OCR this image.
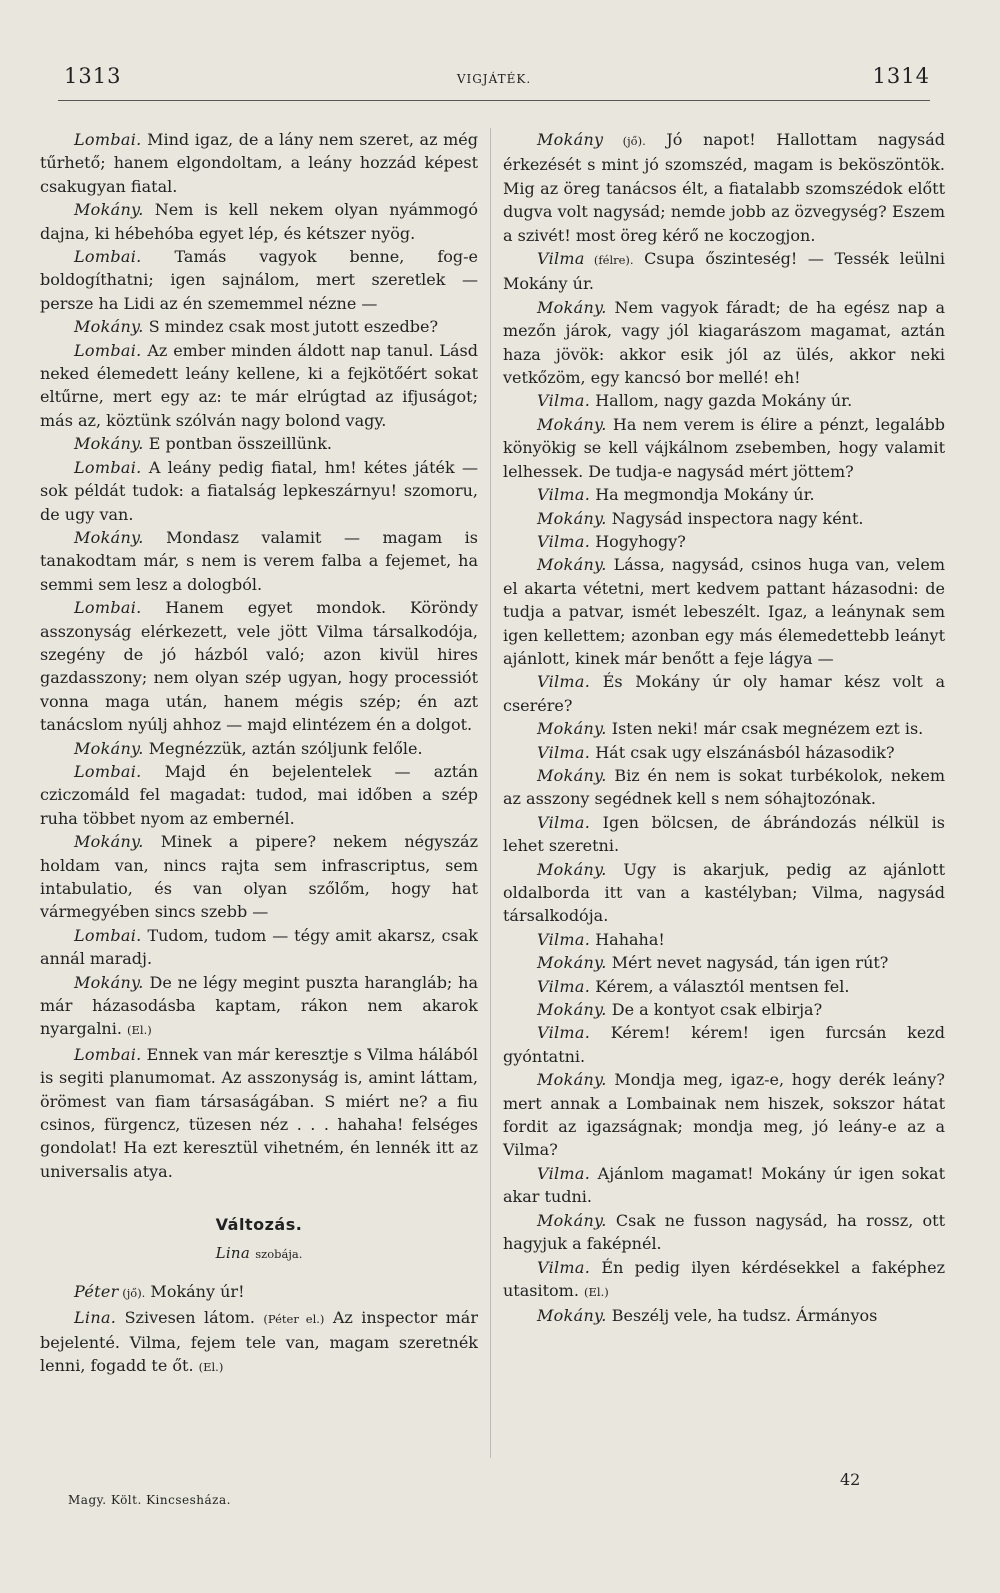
1313	VIGJÁTÉK.	1314

Lombai. Mind igaz, de a lány nem szeret, az még tűrhető; hanem elgondoltam, a leány hozzád képest csakugyan fiatal.

Mokány. Nem is kell nekem olyan nyámmogó dajna, ki hébehóba egyet lép, és kétszer nyög.

Lombai. Tamás vagyok benne, fog-e boldogíthatni; igen sajnálom, mert szeretlek — persze ha Lidi az én szememmel nézne —

Mokány. S mindez csak most jutott eszedbe?

Lombai. Az ember minden áldott nap tanul. Lásd neked élemedett leány kellene, ki a fejkötőért sokat eltűrne, mert egy az: te már elrúgtad az ifjuságot; más az, köztünk szólván nagy bolond vagy.

Mokány. E pontban összeillünk.

Lombai. A leány pedig fiatal, hm! kétes játék — sok példát tudok: a fiatalság lepkeszárnyu! szomoru, de ugy van.

Mokány. Mondasz valamit — magam is tanakodtam már, s nem is verem falba a fejemet, ha semmi sem lesz a dologból.

Lombai. Hanem egyet mondok. Köröndy asszonyság elérkezett, vele jött Vilma társalkodója, szegény de jó házból való; azon kivül hires gazdasszony; nem olyan szép ugyan, hogy processiót vonna maga után, hanem mégis szép; én azt tanácslom nyúlj ahhoz — majd elintézem én a dolgot.

Mokány. Megnézzük, aztán szóljunk felőle.

Lombai. Majd én bejelentelek — aztán cziczomáld fel magadat: tudod, mai időben a szép ruha többet nyom az embernél.

Mokány. Minek a pipere? nekem négyszáz holdam van, nincs rajta sem infrascriptus, sem intabulatio, és van olyan szőlőm, hogy hat vármegyében sincs szebb —

Lombai. Tudom, tudom — tégy amit akarsz, csak annál maradj.

Mokány. De ne légy megint puszta harangláb; ha már házasodásba kaptam, rákon nem akarok nyargalni. (El.)

Lombai. Ennek van már keresztje s Vilma hálából is segiti planumomat. Az asszonyság is, amint láttam, örömest van fiam társaságában. S miért ne? a fiu csinos, fürgencz, tüzesen néz . . . hahaha! felséges gondolat! Ha ezt keresztül vihetném, én lennék itt az universalis atya.

Változás.
Lina szobája.

Péter (jő). Mokány úr!

Lina. Szivesen látom. (Péter el.) Az inspector már bejelenté. Vilma, fejem tele van, magam szeretnék lenni, fogadd te őt. (El.)

Mokány (jő). Jó napot! Hallottam nagysád érkezését s mint jó szomszéd, magam is beköszöntök. Mig az öreg tanácsos élt, a fiatalabb szomszédok előtt dugva volt nagysád; nemde jobb az özvegység? Eszem a szivét! most öreg kérő ne koczogjon.

Vilma (félre). Csupa őszinteség! — Tessék leülni Mokány úr.

Mokány. Nem vagyok fáradt; de ha egész nap a mezőn járok, vagy jól kiagarászom magamat, aztán haza jövök: akkor esik jól az ülés, akkor neki vetkőzöm, egy kancsó bor mellé! eh!

Vilma. Hallom, nagy gazda Mokány úr.

Mokány. Ha nem verem is élire a pénzt, legalább könyökig se kell vájkálnom zsebemben, hogy valamit lelhessek. De tudja-e nagysád mért jöttem?

Vilma. Ha megmondja Mokány úr.

Mokány. Nagysád inspectora nagy ként.

Vilma. Hogyhogy?

Mokány. Lássa, nagysád, csinos huga van, velem el akarta vétetni, mert kedvem pattant házasodni: de tudja a patvar, ismét lebeszélt. Igaz, a leánynak sem igen kellettem; azonban egy más élemedettebb leányt ajánlott, kinek már benőtt a feje lágya —

Vilma. És Mokány úr oly hamar kész volt a cserére?

Mokány. Isten neki! már csak megnézem ezt is.

Vilma. Hát csak ugy elszánásból házasodik?

Mokány. Biz én nem is sokat turbékolok, nekem az asszony segédnek kell s nem sóhajtozónak.

Vilma. Igen bölcsen, de ábrándozás nélkül is lehet szeretni.

Mokány. Ugy is akarjuk, pedig az ajánlott oldalborda itt van a kastélyban; Vilma, nagysád társalkodója.

Vilma. Hahaha!

Mokány. Mért nevet nagysád, tán igen rút?

Vilma. Kérem, a választól mentsen fel.

Mokány. De a kontyot csak elbirja?

Vilma. Kérem! kérem! igen furcsán kezd gyóntatni.

Mokány. Mondja meg, igaz-e, hogy derék leány? mert annak a Lombainak nem hiszek, sokszor hátat fordit az igazságnak; mondja meg, jó leány-e az a Vilma?

Vilma. Ajánlom magamat! Mokány úr igen sokat akar tudni.

Mokány. Csak ne fusson nagysád, ha rossz, ott hagyjuk a faképnél.

Vilma. Én pedig ilyen kérdésekkel a faképhez utasitom. (El.)

Mokány. Beszélj vele, ha tudsz. Ármányos

Magy. Költ. Kincsesháza.
42
